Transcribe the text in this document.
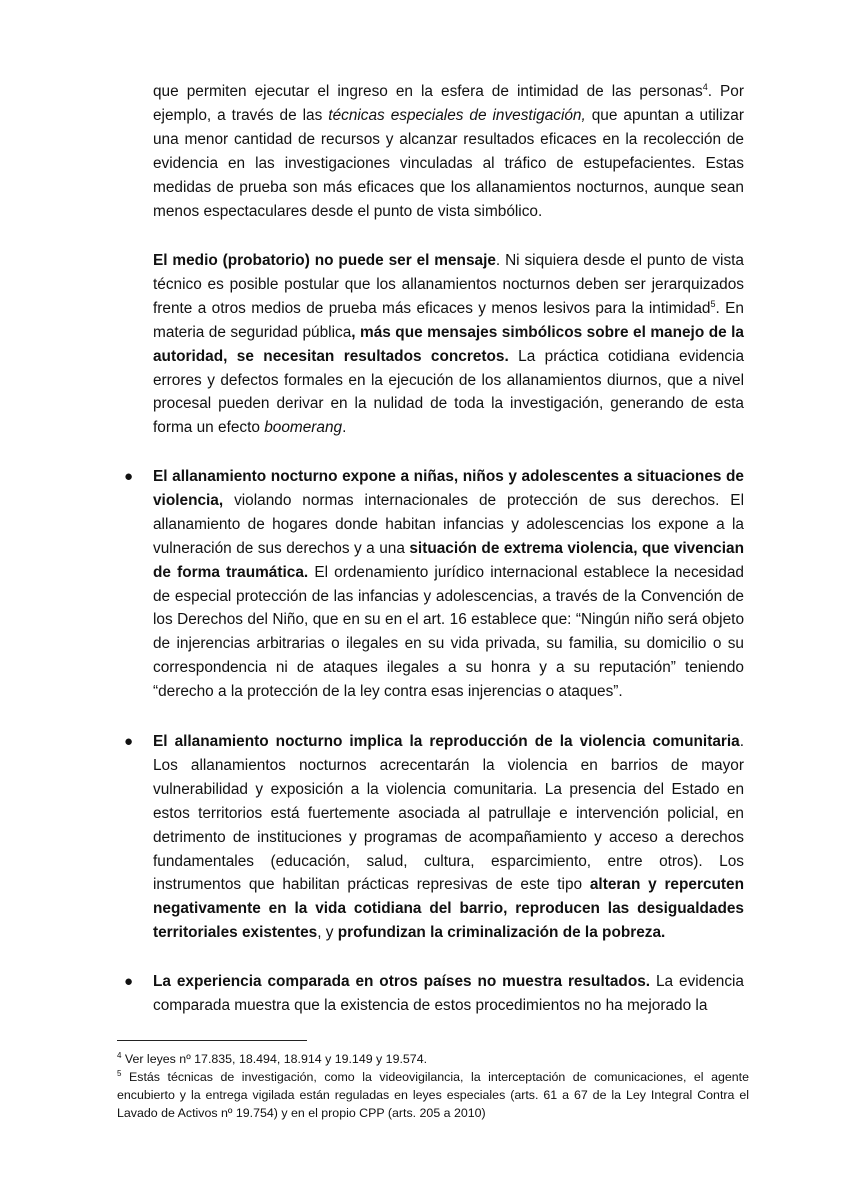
que permiten ejecutar el ingreso en la esfera de intimidad de las personas$^4$. Por ejemplo, a través de las técnicas especiales de investigación, que apuntan a utilizar una menor cantidad de recursos y alcanzar resultados eficaces en la recolección de evidencia en las investigaciones vinculadas al tráfico de estupefacientes. Estas medidas de prueba son más eficaces que los allanamientos nocturnos, aunque sean menos espectaculares desde el punto de vista simbólico.

El medio (probatorio) no puede ser el mensaje. Ni siquiera desde el punto de vista técnico es posible postular que los allanamientos nocturnos deben ser jerarquizados frente a otros medios de prueba más eficaces y menos lesivos para la intimidad$^5$. En materia de seguridad pública, más que mensajes simbólicos sobre el manejo de la autoridad, se necesitan resultados concretos. La práctica cotidiana evidencia errores y defectos formales en la ejecución de los allanamientos diurnos, que a nivel procesal pueden derivar en la nulidad de toda la investigación, generando de esta forma un efecto boomerang.

● El allanamiento nocturno expone a niñas, niños y adolescentes a situaciones de violencia, violando normas internacionales de protección de sus derechos. El allanamiento de hogares donde habitan infancias y adolescencias los expone a la vulneración de sus derechos y a una situación de extrema violencia, que vivencian de forma traumática. El ordenamiento jurídico internacional establece la necesidad de especial protección de las infancias y adolescencias, a través de la Convención de los Derechos del Niño, que en su en el art. 16 establece que: “Ningún niño será objeto de injerencias arbitrarias o ilegales en su vida privada, su familia, su domicilio o su correspondencia ni de ataques ilegales a su honra y a su reputación” teniendo “derecho a la protección de la ley contra esas injerencias o ataques”.

● El allanamiento nocturno implica la reproducción de la violencia comunitaria. Los allanamientos nocturnos acrecentarán la violencia en barrios de mayor vulnerabilidad y exposición a la violencia comunitaria. La presencia del Estado en estos territorios está fuertemente asociada al patrullaje e intervención policial, en detrimento de instituciones y programas de acompañamiento y acceso a derechos fundamentales (educación, salud, cultura, esparcimiento, entre otros). Los instrumentos que habilitan prácticas represivas de este tipo alteran y repercuten negativamente en la vida cotidiana del barrio, reproducen las desigualdades territoriales existentes, y profundizan la criminalización de la pobreza.

● La experiencia comparada en otros países no muestra resultados. La evidencia comparada muestra que la existencia de estos procedimientos no ha mejorado la

$^4$ Ver leyes nº 17.835, 18.494, 18.914 y 19.149 y 19.574.

$^5$ Estás técnicas de investigación, como la videovigilancia, la interceptación de comunicaciones, el agente encubierto y la entrega vigilada están reguladas en leyes especiales (arts. 61 a 67 de la Ley Integral Contra el Lavado de Activos nº 19.754) y en el propio CPP (arts. 205 a 2010)
